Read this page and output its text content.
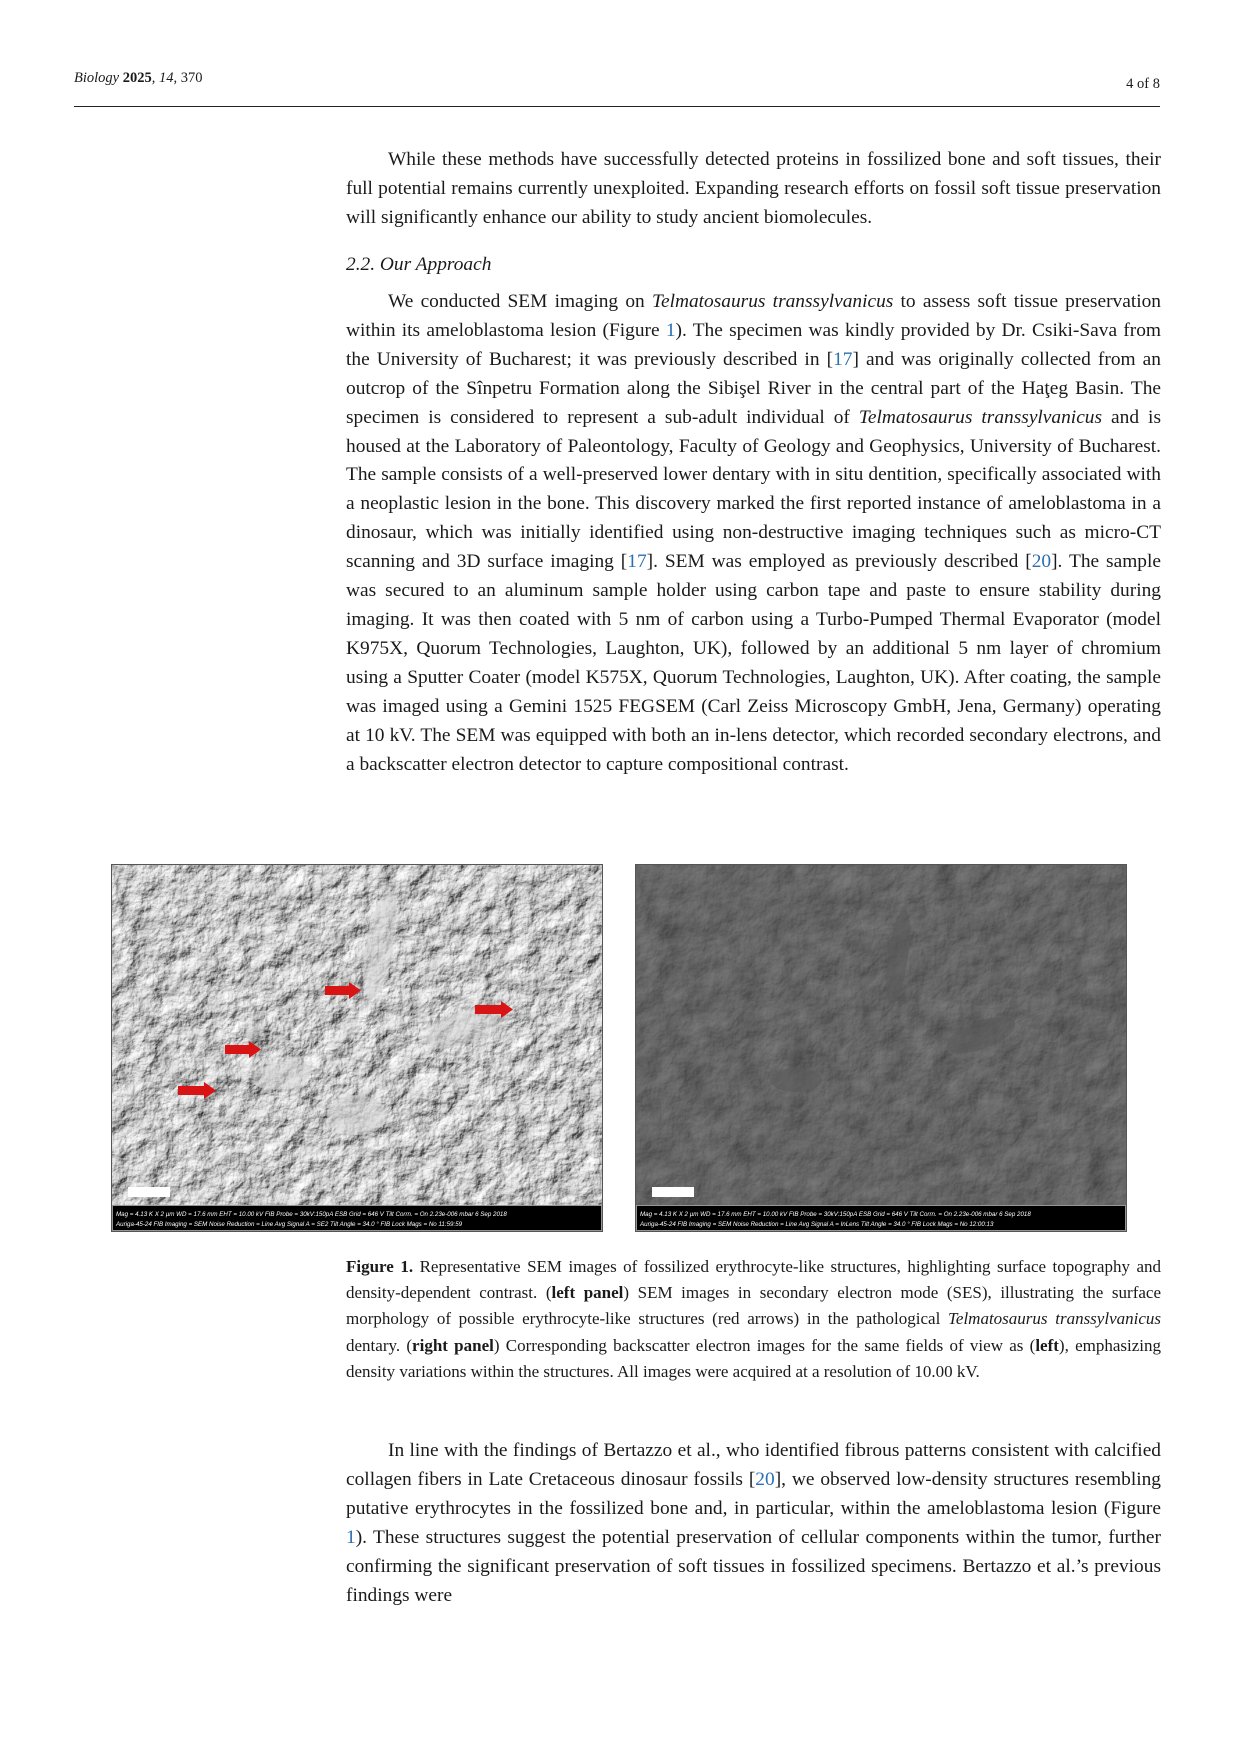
Biology 2025, 14, 370	4 of 8

While these methods have successfully detected proteins in fossilized bone and soft tissues, their full potential remains currently unexploited. Expanding research efforts on fossil soft tissue preservation will significantly enhance our ability to study ancient biomolecules.

2.2. Our Approach

We conducted SEM imaging on Telmatosaurus transsylvanicus to assess soft tissue preservation within its ameloblastoma lesion (Figure 1). The specimen was kindly provided by Dr. Csiki-Sava from the University of Bucharest; it was previously described in [17] and was originally collected from an outcrop of the Sînpetru Formation along the Sibişel River in the central part of the Haţeg Basin. The specimen is considered to represent a sub-adult individual of Telmatosaurus transsylvanicus and is housed at the Laboratory of Paleontology, Faculty of Geology and Geophysics, University of Bucharest. The sample consists of a well-preserved lower dentary with in situ dentition, specifically associated with a neoplastic lesion in the bone. This discovery marked the first reported instance of ameloblastoma in a dinosaur, which was initially identified using non-destructive imaging techniques such as micro-CT scanning and 3D surface imaging [17]. SEM was employed as previously described [20]. The sample was secured to an aluminum sample holder using carbon tape and paste to ensure stability during imaging. It was then coated with 5 nm of carbon using a Turbo-Pumped Thermal Evaporator (model K975X, Quorum Technologies, Laughton, UK), followed by an additional 5 nm layer of chromium using a Sputter Coater (model K575X, Quorum Technologies, Laughton, UK). After coating, the sample was imaged using a Gemini 1525 FEGSEM (Carl Zeiss Microscopy GmbH, Jena, Germany) operating at 10 kV. The SEM was equipped with both an in-lens detector, which recorded secondary electrons, and a backscatter electron detector to capture compositional contrast.

Mag = 4.13 K X 2 µm WD = 17.6 mm EHT = 10.00 kV FIB Probe = 30kV:150pA ESB Grid = 646 V Tilt Corrn. = On 2.23e-006 mbar 6 Sep 2018
Auriga-45-24 FIB Imaging = SEM Noise Reduction = Line Avg Signal A = SE2 Tilt Angle = 34.0 ° FIB Lock Mags = No 11:59:59
Mag = 4.13 K X 2 µm WD = 17.6 mm EHT = 10.00 kV FIB Probe = 30kV:150pA ESB Grid = 646 V Tilt Corrn. = On 2.23e-006 mbar 6 Sep 2018
Auriga-45-24 FIB Imaging = SEM Noise Reduction = Line Avg Signal A = InLens Tilt Angle = 34.0 ° FIB Lock Mags = No 12:00:13
Figure 1. Representative SEM images of fossilized erythrocyte-like structures, highlighting surface topography and density-dependent contrast. (left panel) SEM images in secondary electron mode (SES), illustrating the surface morphology of possible erythrocyte-like structures (red arrows) in the pathological Telmatosaurus transsylvanicus dentary. (right panel) Corresponding backscatter electron images for the same fields of view as (left), emphasizing density variations within the structures. All images were acquired at a resolution of 10.00 kV.

In line with the findings of Bertazzo et al., who identified fibrous patterns consistent with calcified collagen fibers in Late Cretaceous dinosaur fossils [20], we observed low-density structures resembling putative erythrocytes in the fossilized bone and, in particular, within the ameloblastoma lesion (Figure 1). These structures suggest the potential preservation of cellular components within the tumor, further confirming the significant preservation of soft tissues in fossilized specimens. Bertazzo et al.’s previous findings were
